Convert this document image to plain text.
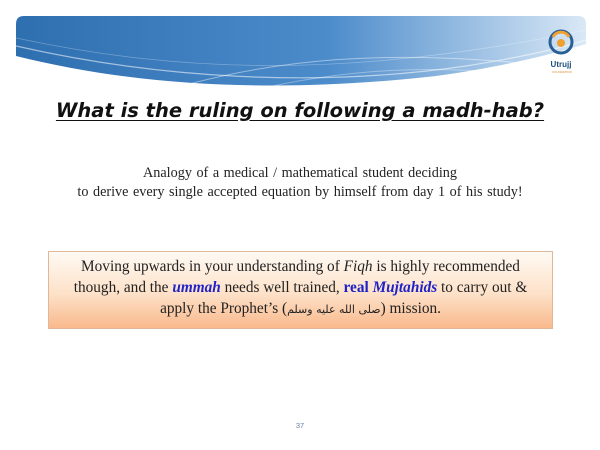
Utrujj
FOUNDATION
What is the ruling on following a madh-hab?
Analogy of a medical / mathematical student deciding
to derive every single accepted equation by himself from day 1 of his study!
Moving upwards in your understanding of Fiqh is highly recommended
though, and the ummah needs well trained, real Mujtahids to carry out &
apply the Prophet’s (صلى الله عليه وسلم) mission.
37
